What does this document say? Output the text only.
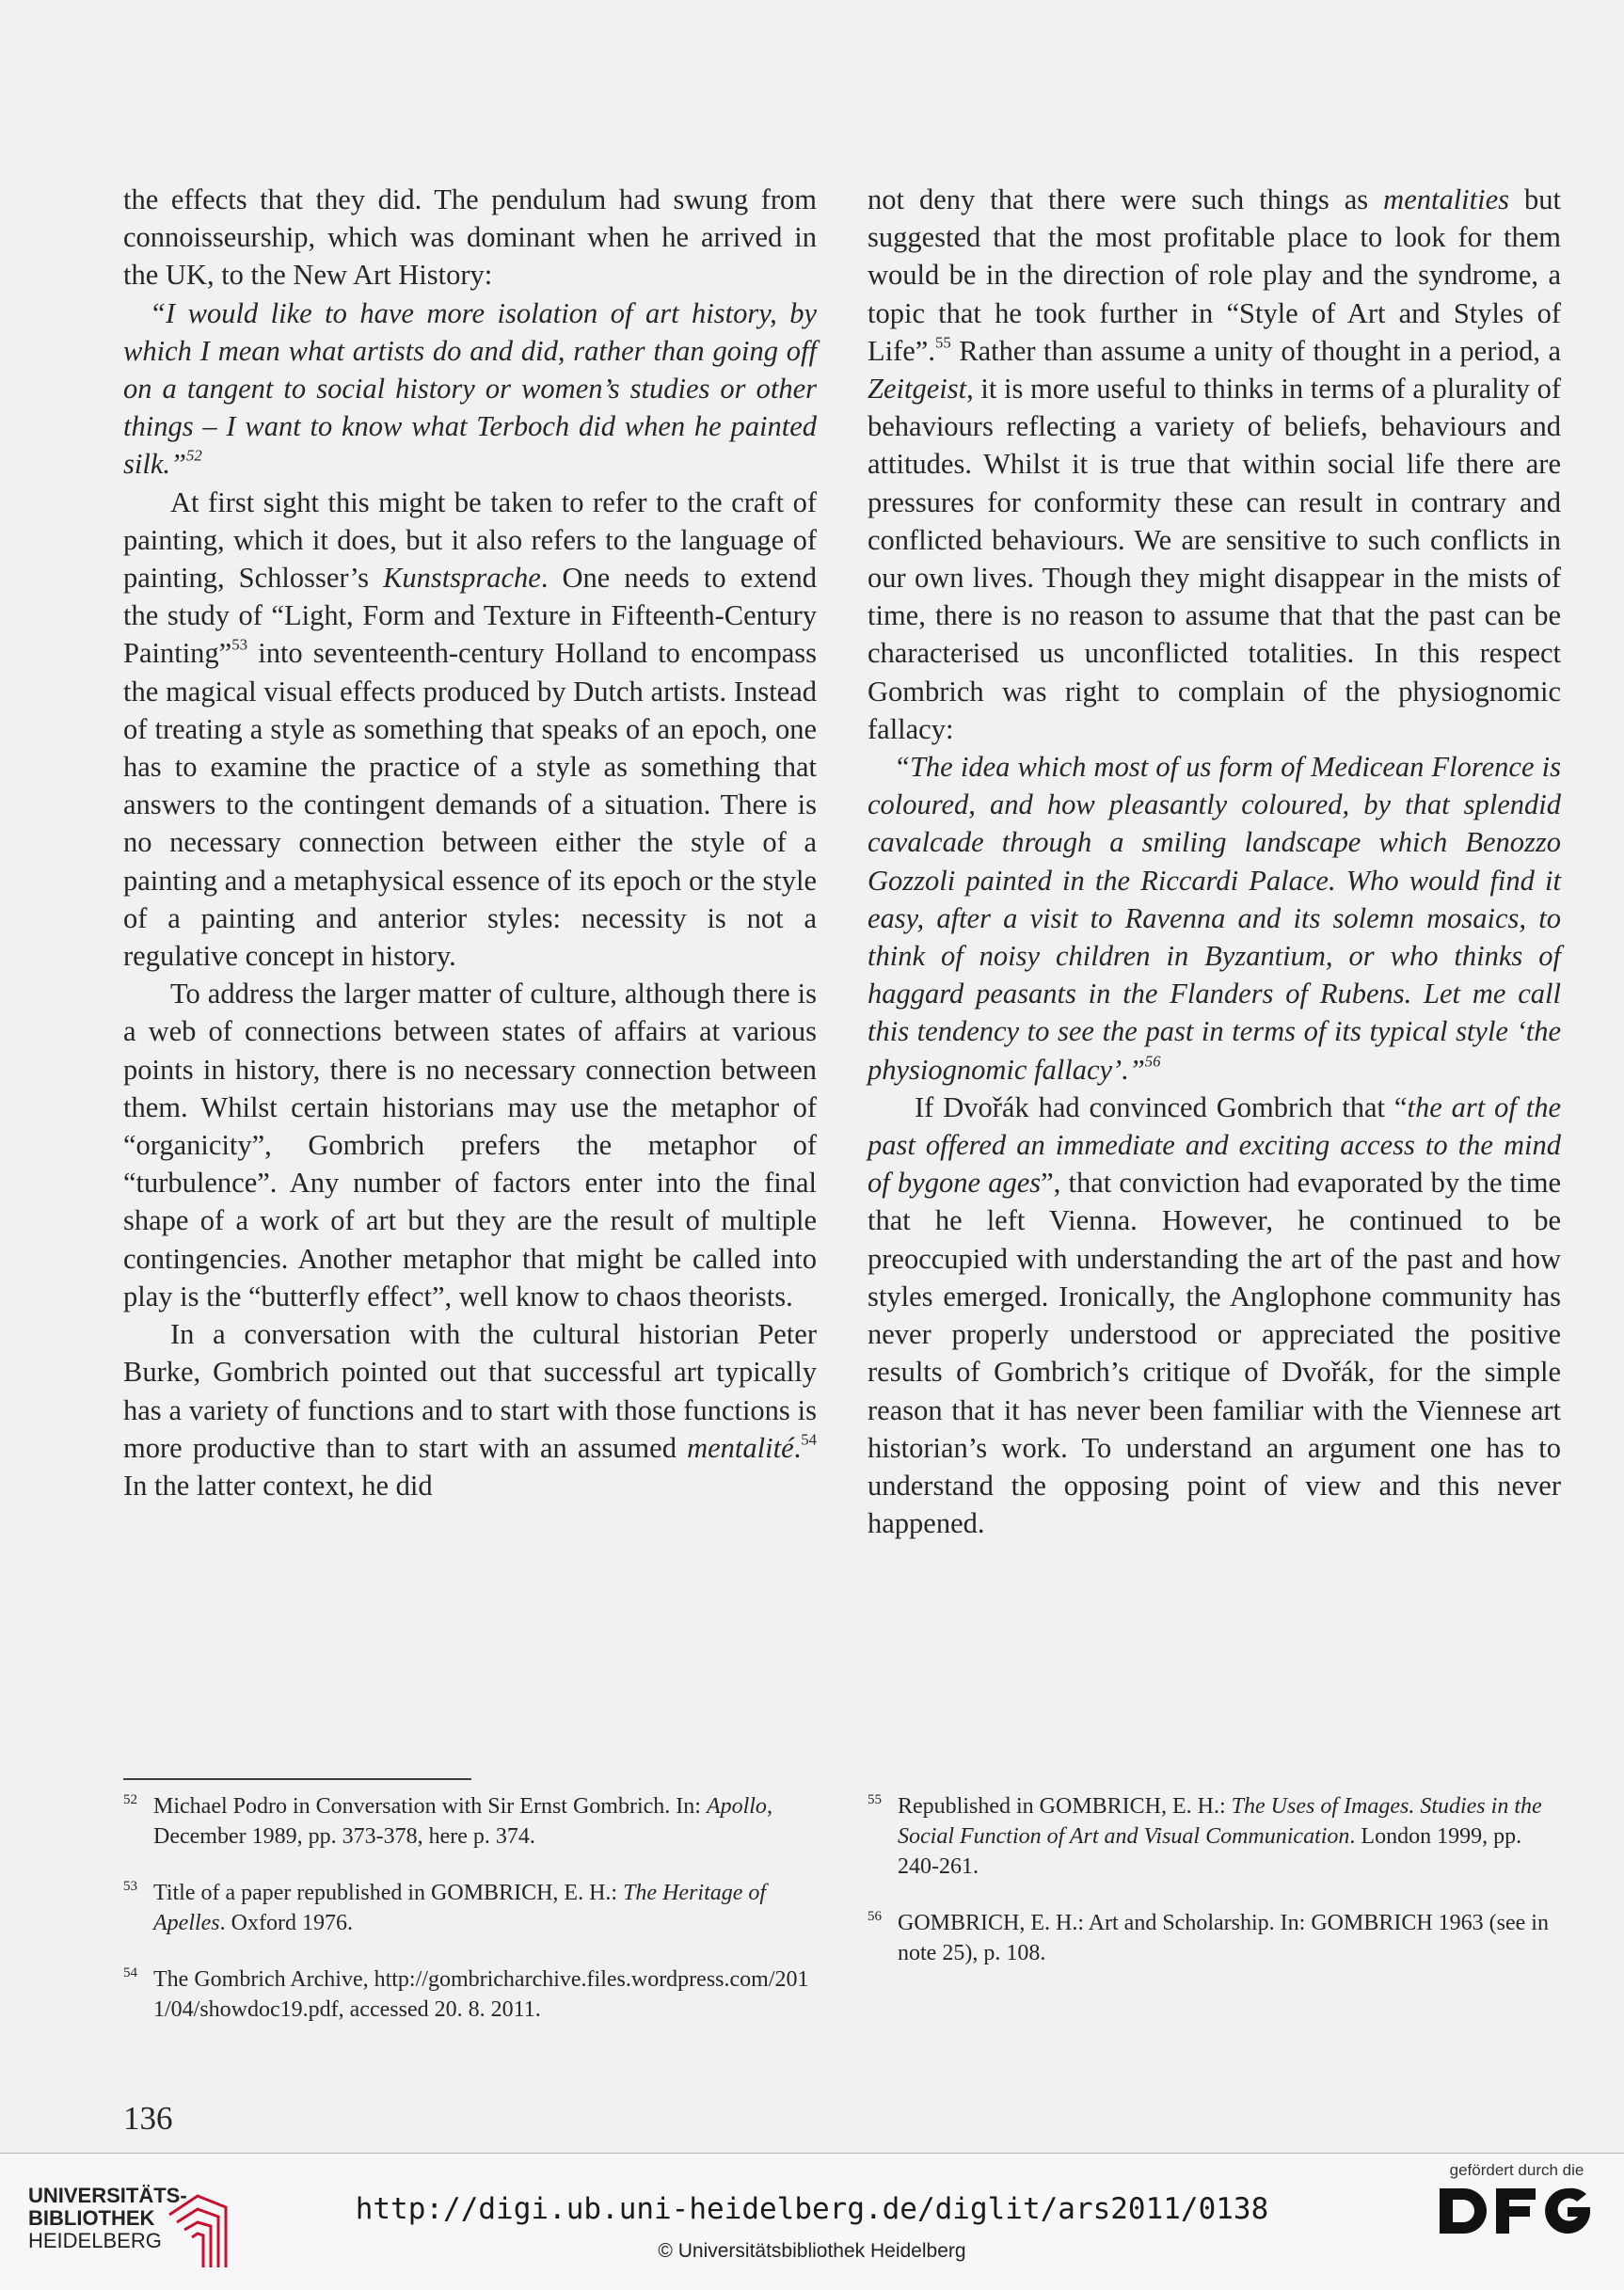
the effects that they did. The pendulum had swung from connoisseurship, which was dominant when he arrived in the UK, to the New Art History:

“I would like to have more isolation of art history, by which I mean what artists do and did, rather than going off on a tangent to social history or women’s studies or other things – I want to know what Terboch did when he painted silk.”$^{52}$

At first sight this might be taken to refer to the craft of painting, which it does, but it also refers to the language of painting, Schlosser’s Kunstsprache. One needs to extend the study of “Light, Form and Texture in Fifteenth-Century Painting”$^{53}$ into seventeenth-century Holland to encompass the magical visual effects produced by Dutch artists. Instead of treating a style as something that speaks of an epoch, one has to examine the practice of a style as something that answers to the contingent demands of a situation. There is no necessary connection between either the style of a painting and a metaphysical essence of its epoch or the style of a painting and anterior styles: necessity is not a regulative concept in history.

To address the larger matter of culture, although there is a web of connections between states of affairs at various points in history, there is no necessary connection between them. Whilst certain historians may use the metaphor of “organicity”, Gombrich prefers the metaphor of “turbulence”. Any number of factors enter into the final shape of a work of art but they are the result of multiple contingencies. Another metaphor that might be called into play is the “butterfly effect”, well know to chaos theorists.

In a conversation with the cultural historian Peter Burke, Gombrich pointed out that successful art typically has a variety of functions and to start with those functions is more productive than to start with an assumed mentalité.$^{54}$ In the latter context, he did

not deny that there were such things as mentalities but suggested that the most profitable place to look for them would be in the direction of role play and the syndrome, a topic that he took further in “Style of Art and Styles of Life”.$^{55}$ Rather than assume a unity of thought in a period, a Zeitgeist, it is more useful to thinks in terms of a plurality of behaviours reflecting a variety of beliefs, behaviours and attitudes. Whilst it is true that within social life there are pressures for conformity these can result in contrary and conflicted behaviours. We are sensitive to such conflicts in our own lives. Though they might disappear in the mists of time, there is no reason to assume that that the past can be characterised us unconflicted totalities. In this respect Gombrich was right to complain of the physiognomic fallacy:

“The idea which most of us form of Medicean Florence is coloured, and how pleasantly coloured, by that splendid cavalcade through a smiling landscape which Benozzo Gozzoli painted in the Riccardi Palace. Who would find it easy, after a visit to Ravenna and its solemn mosaics, to think of noisy children in Byzantium, or who thinks of haggard peasants in the Flanders of Rubens. Let me call this tendency to see the past in terms of its typical style ‘the physiognomic fallacy’.”$^{56}$

If Dvořák had convinced Gombrich that “the art of the past offered an immediate and exciting access to the mind of bygone ages”, that conviction had evaporated by the time that he left Vienna. However, he continued to be preoccupied with understanding the art of the past and how styles emerged. Ironically, the Anglophone community has never properly understood or appreciated the positive results of Gombrich’s critique of Dvořák, for the simple reason that it has never been familiar with the Viennese art historian’s work. To understand an argument one has to understand the opposing point of view and this never happened.

52 Michael Podro in Conversation with Sir Ernst Gombrich. In: Apollo, December 1989, pp. 373-378, here p. 374.
53 Title of a paper republished in GOMBRICH, E. H.: The Heritage of Apelles. Oxford 1976.
54 The Gombrich Archive, http://gombricharchive.files.wordpress.com/2011/04/showdoc19.pdf, accessed 20. 8. 2011.
55 Republished in GOMBRICH, E. H.: The Uses of Images. Studies in the Social Function of Art and Visual Communication. London 1999, pp. 240-261.
56 GOMBRICH, E. H.: Art and Scholarship. In: GOMBRICH 1963 (see in note 25), p. 108.
136
UNIVERSITÄTS-
BIBLIOTHEK
HEIDELBERG
http://digi.ub.uni-heidelberg.de/diglit/ars2011/0138
© Universitätsbibliothek Heidelberg
gefördert durch die
